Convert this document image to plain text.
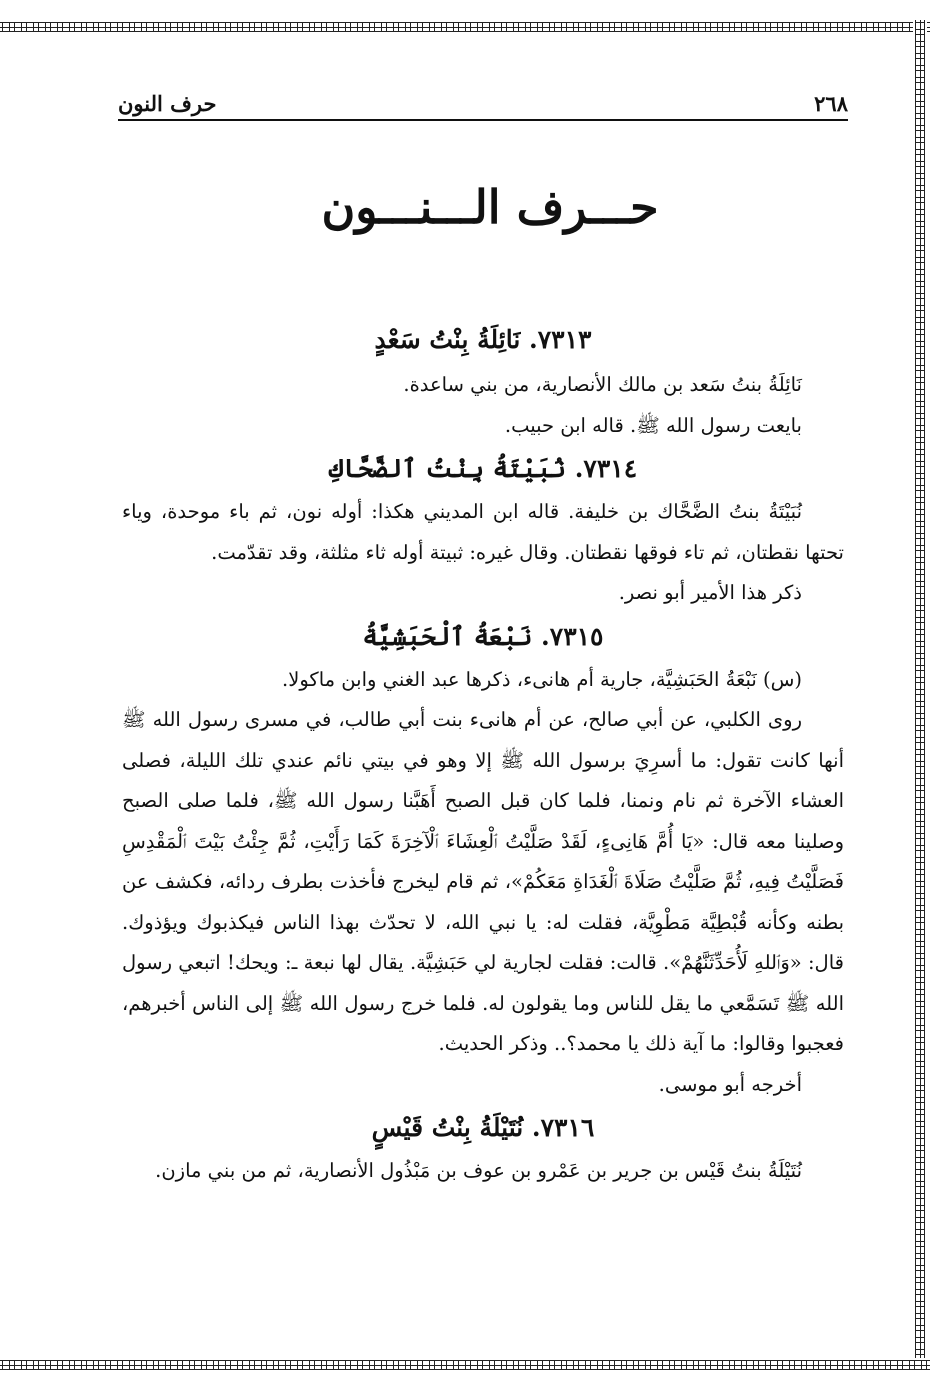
٢٦٨
حرف النون
حـــرف الـــنـــون
٧٣١٣. نَائِلَةُ بِنْتُ سَعْدٍ

نَائِلَةُ بنتُ سَعد بن مالك الأنصارية، من بني ساعدة.

بايعت رسول الله ﷺ. قاله ابن حبيب.

٧٣١٤. نُبَيْتَةُ بِنْتُ ٱلضَّحَّاكِ

نُبَيْتَةُ بنتُ الضَّحَّاك بن خليفة. قاله ابن المديني هكذا: أوله نون، ثم باء موحدة، وياء تحتها نقطتان، ثم تاء فوقها نقطتان. وقال غيره: ثبيتة أوله ثاء مثلثة، وقد تقدّمت.

ذكر هذا الأمير أبو نصر.

٧٣١٥. نَبْعَةُ ٱلْحَبَشِيَّةُ

(س) نَبْعَةُ الحَبَشِيَّة، جارية أم هانىء، ذكرها عبد الغني وابن ماكولا.

روى الكلبي، عن أبي صالح، عن أم هانىء بنت أبي طالب، في مسرى رسول الله ﷺ أنها كانت تقول: ما أسرِيَ برسول الله ﷺ إلا وهو في بيتي نائم عندي تلك الليلة، فصلى العشاء الآخرة ثم نام ونمنا، فلما كان قبل الصبح أَهَبَّنا رسول الله ﷺ، فلما صلى الصبح وصلينا معه قال: «يَا أُمَّ هَانِىءٍ، لَقَدْ صَلَّيْتُ ٱلْعِشَاءَ ٱلْآخِرَةَ كَمَا رَأَيْتِ، ثُمَّ جِئْتُ بَيْتَ ٱلْمَقْدِسِ فَصَلَّيْتُ فِيهِ، ثُمَّ صَلَّيْتُ صَلَاةَ ٱلْغَدَاةِ مَعَكُمْ»، ثم قام ليخرج فأخذت بطرف ردائه، فكشف عن بطنه وكأنه قُبْطِيَّة مَطْوِيَّة، فقلت له: يا نبي الله، لا تحدّث بهذا الناس فيكذبوك ويؤذوك. قال: «وَٱللهِ لَأُحَدِّثَنَّهُمْ». قالت: فقلت لجارية لي حَبَشِيَّة. يقال لها نبعة ـ: ويحك! اتبعي رسول الله ﷺ تَسَمَّعي ما يقل للناس وما يقولون له. فلما خرج رسول الله ﷺ إلى الناس أخبرهم، فعجبوا وقالوا: ما آية ذلك يا محمد؟.. وذكر الحديث.

أخرجه أبو موسى.

٧٣١٦. نُتَيْلَةُ بِنْتُ قَيْسٍ

نُتَيْلَةُ بنتُ قَيْس بن جرير بن عَمْرو بن عوف بن مَبْذُول الأنصارية، ثم من بني مازن.
